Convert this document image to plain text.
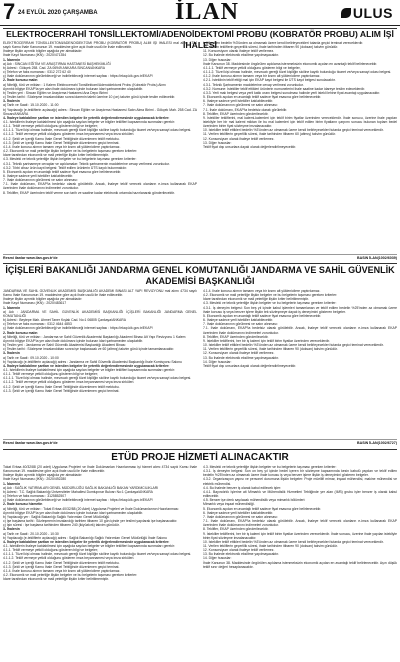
7 24 EYLÜL 2020 ÇARŞAMBA	İLAN	ULUS
ELEKTROCERRAHİ TONSİLLEKTOMİ/ADENOİDEKTOMİ PROBU (KOBRATÖR PROBU) ALIM İŞİ İHALESİ

ELEKTROCERRAHİ TONSİLLEKTOMİ/ADENOİDEKTOMİ PROBU (KOBRATÖR PROBU) ALIM İŞİ İHALESİ mal alımı 4734 sayılı Kamu İhale Kanununun 19. maddesine göre açık ihale usulü ile ihale edilecektir.

İhaleye ilişkin ayrıntılı bilgiler aşağıda yer almaktadır:

İhale Kayıt Numarası (İKN) : 2020/471354

1- İdarenin

a) Adı : SİNCAN EĞİTİM VE ARAŞTIRMA HASTANESİ BAŞHEKİMLİĞİ

b) Adresi : Gökçek 258. Cad. ZA 06949 ANKARA SİNCAN/ANKARA

c) Telefon ve faks numarası : 0312 272 62 40

ç) İhale dokümanının görülebileceği ve indirilebileceği internet sayfası : https://ekap.kik.gov.tr/EKAP/

2- İhale konusu malın

a) Niteliği, türü ve miktarı : 1 Kalem Elektrocerrahi Tonsillektomi/Adenoidektomi Probu (Kobratör Probu) Alımı

Ayrıntılı bilgiye EKAP'ta yer alan ihale dokümanı içinde bulunan idari şartnameden ulaşılabilir.

b) Teslim yeri : Sincan Eğitim ve Araştırma Hastanesi Ana Depo Birimi

c) Teslim tarihi : Sözleşme imzalandıktan sonra idarenin talebi üzerine 10 (on) takvim günü içinde teslim edilecektir.

3- İhalenin

a) Tarih ve Saati : 15.10.2020 - 11:00

b) Yapılacağı (e-tekliflerin açılacağı) adres : Sincan Eğitim ve Araştırma Hastanesi Satın Alma Birimi - Gökçek Mah. 258 Cad. ZA Sincan/ANKARA

4- İhaleye katılabilme şartları ve istenilen belgeler ile yeterlik değerlendirmesinde uygulanacak kriterler:

4.1. İsteklilerin ihaleye katılabilmesi için aşağıda sayılan belgeler ve bilgiler teklifleri kapsamında sunmaları gerekir:

4.1.1. Teklif vermeye yetkili olduğunu gösteren bilgi ve belgeler;

4.1.1.1. Tüzel kişi olması halinde, mevzuatı gereği tüzel kişiliğin siciline kayıtlı bulunduğu ticaret ve/veya sanayi odası belgesi.

4.1.1.2. Teklif vermeye yetkili olduğunu gösteren imza beyannamesi veya imza sirküleri.

4.1.2. Şekli ve içeriği Kamu İhale Genel Tebliğinde düzenlenen teklif mektubu.

4.1.3. Şekli ve içeriği Kamu İhale Genel Tebliğinde düzenlenen geçici teminat.

4.1.4. İhale konusu alımın tamamı veya bir kısmı alt yüklenicilere yaptırılamaz.

4.2. Ekonomik ve mali yeterliğe ilişkin belgeler ve bu belgelerin taşıması gereken kriterler:

İdare tarafından ekonomik ve mali yeterliğe ilişkin kriter belirtilmemiştir.

4.3. Mesleki ve teknik yeterliğe ilişkin belgeler ve bu belgelerin taşıması gereken kriterler:

4.3.1. Teknik şartnameye cevaplar ve açıklamalar: Teknik şartnamenin maddelerine cevap verilmesi zorunludur.

4.3.2. Tıbbi cihaz ürün kayıt belgesi: Teklif edilen ürünlerin ÜTS kaydı bulunmalıdır.

5. Ekonomik açıdan en avantajlı teklif sadece fiyat esasına göre belirlenecektir.

6. İhaleye sadece yerli istekliler katılabilecektir.

7. İhale dokümanının görülmesi ve satın alınması:

7.1. İhale dokümanı, EKAP'ta bedelsiz olarak görülebilir. Ancak, ihaleye teklif verecek olanların e-imza kullanarak EKAP üzerinden ihale dokümanını indirmeleri zorunludur.

8. Teklifler, EKAP üzerinden teklif verme son tarih ve saatine kadar elektronik ortamda hazırlanarak gönderilecektir.

teklif edilen bedelin %3'ünden az olmamak üzere kendi belirleyecekleri tutarda geçici teminat vereceklerdir.

10. Verilen tekliflerin geçerlilik süresi, ihale tarihinden itibaren 90 (doksan) takvim günüdür.

11. Konsorsiyum olarak ihaleye teklif verilemez.

12. Bu ihalede elektronik eksiltme yapılmayacaktır.

13. Diğer hususlar:

İhale Kanunun 38. Maddesinde öngörülen açıklama istenmeksizin ekonomik açıdan en avantajlı teklif belirlenecektir.

4.1.1.1. Teklif vermeye yetkili olduğunu gösteren bilgi ve belgeler,

4.1.1.2. Tüzel kişi olması halinde, mevzuatı gereği tüzel kişiliğin siciline kayıtlı bulunduğu ticaret ve/veya sanayi odası belgesi.

4.1.2. İhale konusu alımın tamamı veya bir kısmı alt yüklenicilere yaptırılamaz.

4.2.1. İsteklinin teklif ettiği mal için EKAP kayıt belgesi ile ÜTS kayıt belgesi sunulacaktır.

4.3.1. Teknik Şartnamenin maddelerine cevap verilmesi zorunludur.

4.3.2. Numune: İstekliler teklif ettikleri ürünlerin numunelerini ihale saatine kadar idareye teslim edeceklerdir.

4.3.3. Yerli malı belgesi veya yerli katkı oranı belgesi sunulması halinde yerli istekli lehine fiyat avantajı uygulanacaktır.

5. Ekonomik açıdan en avantajlı teklif sadece fiyat esasına göre belirlenecektir.

6. İhaleye sadece yerli istekliler katılabilecektir.

7. İhale dokümanının görülmesi ve satın alınması:

7.1. İhale dokümanı, EKAP'ta bedelsiz olarak görülebilir.

8. Teklifler, EKAP üzerinden gönderilecektir.

9. İstekliler tekliflerini, mal kalemi-kalemleri için teklif birim fiyatlar üzerinden vereceklerdir. İhale sonucu, üzerine ihale yapılan istekliyle her bir mal kalemi miktarı ile bu mal kalemleri için teklif edilen birim fiyatların çarpımı sonucu bulunan toplam bedel üzerinden birim fiyat sözleşme imzalanacaktır.

10. İstekliler teklif ettikleri bedelin %3'ünden az olmamak üzere kendi belirleyecekleri tutarda geçici teminat vereceklerdir.

11. Verilen tekliflerin geçerlilik süresi, ihale tarihinden itibaren 60 (altmış) takvim günüdür.

12. Konsorsiyum olarak ihaleye teklif verilemez.

13. Diğer hususlar:

Teklif fiyat dışı unsurlara dayalı olarak değerlendirilmeyecektir.

Resmi ilanlar www.ilan.gov.tr'de	BASIN İLAN(1002/6039)
İÇİŞLERİ BAKANLIĞI JANDARMA GENEL KOMUTANLIĞI JANDARMA VE SAHİL GÜVENLİK AKADEMİSİ BAŞKANLIĞI

JANDARMA VE SAHİL GÜVENLİK AKADEMİSİ BAŞKANLIĞI AKADEMİ BİNASI ALT YAPI REVİZYONU mal alımı 4734 sayılı Kamu İhale Kanununun 19. maddesine göre açık ihale usulü ile ihale edilecektir.

İhaleye ilişkin ayrıntılı bilgiler aşağıda yer almaktadır:

İhale Kayıt Numarası (İKN) : 2020/483617

1- İdarenin

a) Adı : JANDARMA VE SAHİL GÜVENLİK AKADEMİSİ BAŞKANLIĞI İÇİŞLERİ BAKANLIĞI JANDARMA GENEL KOMUTANLIĞI

b) Adresi : Beytepe Mah. Ahmet Taner Kışlalı Cad. No:1 06805 Çankaya/ANKARA

c) Telefon ve faks numarası : 0312 4644 4853

ç) İhale dokümanının görülebileceği ve indirilebileceği internet sayfası : https://ekap.kik.gov.tr/EKAP/

2- İhale konusu malın

a) Niteliği, türü ve miktarı : Jandarma ve Sahil Güvenlik Akademisi Başkanlığı Akademi Binası Alt Yapı Revizyonu 1 Kalem

Ayrıntılı bilgiye EKAP'ta yer alan ihale dokümanı içinde bulunan idari şartnameden ulaşılabilir.

b) Teslim yeri : Jandarma ve Sahil Güvenlik Akademisi Başkanlığı Akademi Binası

c) Teslim tarihi : Sözleşme imzalandıktan sonra işe başlanacak ve 60 (altmış) takvim günü içinde tamamlanacaktır.

3- İhalenin

a) Tarih ve Saati : 09.10.2020 - 10:00

b) Yapılacağı (e-tekliflerin açılacağı) adres : Jandarma ve Sahil Güvenlik Akademisi Başkanlığı İhale Komisyonu Salonu

4- İhaleye katılabilme şartları ve istenilen belgeler ile yeterlik değerlendirmesinde uygulanacak kriterler:

4.1. İsteklilerin ihaleye katılabilmesi için aşağıda sayılan belgeler ve bilgiler teklifleri kapsamında sunmaları gerekir:

4.1.1. Teklif vermeye yetkili olduğunu gösteren bilgi ve belgeler;

4.1.1.1. Tüzel kişi olması halinde, mevzuatı gereği tüzel kişiliğin siciline kayıtlı bulunduğu ticaret ve/veya sanayi odası belgesi.

4.1.1.2. Teklif vermeye yetkili olduğunu gösteren imza beyannamesi veya imza sirküleri.

4.1.2. Şekli ve içeriği Kamu İhale Genel Tebliğinde düzenlenen teklif mektubu.

4.1.3. Şekli ve içeriği Kamu İhale Genel Tebliğinde düzenlenen geçici teminat.

4.1.4. İhale konusu alımın tamamı veya bir kısmı alt yüklenicilere yaptırılamaz.

4.2. Ekonomik ve mali yeterliğe ilişkin belgeler ve bu belgelerin taşıması gereken kriterler:

İdare tarafından ekonomik ve mali yeterliğe ilişkin kriter belirtilmemiştir.

4.3. Mesleki ve teknik yeterliğe ilişkin belgeler ve bu belgelerin taşıması gereken kriterler:

4.3.1. İş deneyim belgesi: Son beş yıl içinde kabul işlemleri tamamlanan ve teklif edilen bedelin %25'inden az olmamak üzere ihale konusu iş veya benzer işlere ilişkin tek sözleşmeye dayalı iş deneyimini gösteren belgeler.

5. Ekonomik açıdan en avantajlı teklif sadece fiyat esasına göre belirlenecektir.

6. İhaleye sadece yerli istekliler katılabilecektir.

7. İhale dokümanının görülmesi ve satın alınması:

7.1. İhale dokümanı, EKAP'ta bedelsiz olarak görülebilir. Ancak, ihaleye teklif verecek olanların e-imza kullanarak EKAP üzerinden ihale dokümanını indirmeleri zorunludur.

8. Teklifler, EKAP üzerinden gönderilecektir.

9. İstekliler tekliflerini, her bir iş kalemi için teklif birim fiyatlar üzerinden vereceklerdir.

10. İstekliler teklif ettikleri bedelin %3'ünden az olmamak üzere kendi belirleyecekleri tutarda geçici teminat vereceklerdir.

11. Verilen tekliflerin geçerlilik süresi, ihale tarihinden itibaren 90 (doksan) takvim günüdür.

12. Konsorsiyum olarak ihaleye teklif verilemez.

13. Bu ihalede elektronik eksiltme yapılmayacaktır.

14. Diğer hususlar:

Teklif fiyat dışı unsurlara dayalı olarak değerlendirilmeyecektir.

Resmi ilanlar www.ilan.gov.tr'de	BASIN İLAN(1002/6727)
ETÜD PROJE HİZMETİ ALINACAKTIR

Tokat Erbaa 40/32/88 (20 adet) Uygulama Projeleri ve İhale Dokümanları Hazırlanması işi hizmet alımı 4734 sayılı Kamu İhale Kanununun 19. maddesine göre açık ihale usulü ile ihale edilecektir.

İhaleye ilişkin ayrıntılı bilgiler aşağıda yer almaktadır:

İhale Kayıt Numarası (İKN) : 2020/492280

1- İdarenin

a) Adı : SAĞLIK YATIRIMLARI GENEL MÜDÜRLÜĞÜ SAĞLIK BAKANLIĞI BAKAN YARDIMCILIKLARI

b) Adresi : T.C. Sağlık Bakanlığı Üniversiteler Mahallesi Dumlupınar Bulvarı No:1 Çankaya/ANKARA

c) Telefon ve faks numarası : 3125852507

ç) İhale dokümanının görülebileceği ve indirilebileceği internet sayfası : https://ekap.kik.gov.tr/EKAP/

2- İhale konusu hizmetin

a) Niteliği, türü ve miktarı : Tokat Erbaa 40/32/88 (20 Adet) Uygulama Projeleri ve İhale Dokümanlarının Hazırlanması

Ayrıntılı bilgiye EKAP'ta yer alan ihale dokümanı içinde bulunan idari şartnameden ulaşılabilir.

b) Yapılacağı yer : Sağlık Bakanlığı Sağlık Yatırımları Genel Müdürlüğü

c) İşe başlama tarihi : Sözleşmenin imzalandığı tarihten itibaren 10 gün içinde yer teslimi yapılarak işe başlanacaktır.

ç) İşin süresi : İşe başlama tarihinden itibaren 240 (ikiyüzkırk) takvim günüdür.

3- İhalenin

a) Tarih ve Saati : 20.10.2020 - 10:30

b) Yapılacağı (e-tekliflerin açılacağı) adres : Sağlık Bakanlığı Sağlık Yatırımları Genel Müdürlüğü İhale Salonu

4- İhaleye katılabilme şartları ve istenilen belgeler ile yeterlik değerlendirmesinde uygulanacak kriterler:

4.1. İsteklilerin ihaleye katılabilmesi için aşağıda sayılan belgeler ve bilgiler teklifleri kapsamında sunmaları gerekir:

4.1.1. Teklif vermeye yetkili olduğunu gösteren bilgi ve belgeler;

4.1.1.1. Tüzel kişi olması halinde, mevzuatı gereği tüzel kişiliğin siciline kayıtlı bulunduğu ticaret ve/veya sanayi odası belgesi.

4.1.1.2. Teklif vermeye yetkili olduğunu gösteren imza beyannamesi veya imza sirküleri.

4.1.2. Şekli ve içeriği Kamu İhale Genel Tebliğinde düzenlenen teklif mektubu.

4.1.3. Şekli ve içeriği Kamu İhale Genel Tebliğinde düzenlenen geçici teminat.

4.1.4. İhale konusu alımın tamamı veya bir kısmı alt yüklenicilere yaptırılamaz.

4.2. Ekonomik ve mali yeterliğe ilişkin belgeler ve bu belgelerin taşıması gereken kriterler:

İdare tarafından ekonomik ve mali yeterliğe ilişkin kriter belirtilmemiştir.

4.3. Mesleki ve teknik yeterliğe ilişkin belgeler ve bu belgelerin taşıması gereken kriterler:

4.3.1. İş deneyim belgesi: Son on beş yıl içinde bedel içeren bir sözleşme kapsamında kesin kabulü yapılan ve teklif edilen bedelin %25'inden az olmamak üzere ihale konusu iş veya benzer işlere ilişkin iş deneyimini gösteren belgeler.

4.3.2. Organizasyon yapısı ve personel durumuna ilişkin belgeler: Proje müellifi mimar, inşaat mühendisi, makine mühendisi ve elektrik mühendisi.

4.4. Bu ihalede benzer iş olarak kabul edilecek işler:

4.4.1. Bayındırlık İşlerine ait Mimarlık ve Mühendislik Hizmetleri Tebliğinde yer alan (III/B) grubu işler benzer iş olarak kabul edilecektir.

4.5. Benzer işe denk sayılacak mühendislik veya mimarlık bölümleri:

Mimarlık veya inşaat mühendisliği.

5. Ekonomik açıdan en avantajlı teklif sadece fiyat esasına göre belirlenecektir.

6. İhaleye sadece yerli istekliler katılabilecektir.

7. İhale dokümanının görülmesi ve satın alınması:

7.1. İhale dokümanı, EKAP'ta bedelsiz olarak görülebilir. Ancak, ihaleye teklif verecek olanların e-imza kullanarak EKAP üzerinden ihale dokümanını indirmeleri zorunludur.

8. Teklifler, EKAP üzerinden gönderilecektir.

9. İstekliler tekliflerini, her bir iş kalemi için teklif birim fiyatlar üzerinden vereceklerdir. İhale sonucu, üzerine ihale yapılan istekliyle birim fiyat sözleşme imzalanacaktır.

10. İstekliler teklif ettikleri bedelin %3'ünden az olmamak üzere kendi belirleyecekleri tutarda geçici teminat vereceklerdir.

11. Verilen tekliflerin geçerlilik süresi, ihale tarihinden itibaren 90 (doksan) takvim günüdür.

12. Konsorsiyum olarak ihaleye teklif verilemez.

13. Bu ihalede elektronik eksiltme yapılmayacaktır.

14. Diğer hususlar:

İhale Kanunun 38. Maddesinde öngörülen açıklama istenmeksizin ekonomik açıdan en avantajlı teklif belirlenecektir. Aşırı düşük teklif sınır değeri hesaplanacaktır.
